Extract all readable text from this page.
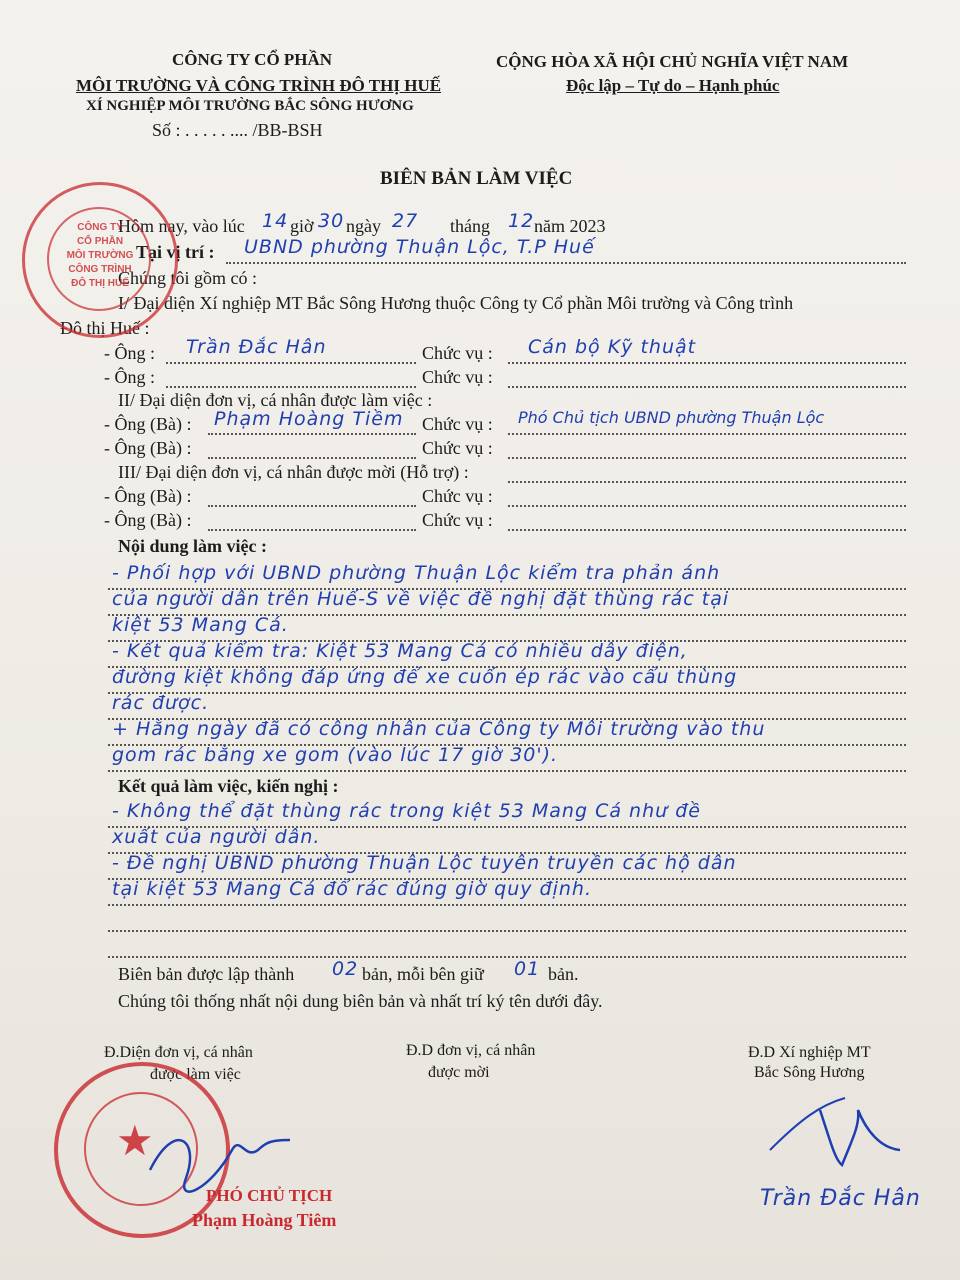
CÔNG TY CỔ PHẦN
MÔI TRƯỜNG VÀ CÔNG TRÌNH ĐÔ THỊ HUẾ
XÍ NGHIỆP MÔI TRƯỜNG BẮC SÔNG HƯƠNG
Số : . . . . . .... /BB-BSH
CỘNG HÒA XÃ HỘI CHỦ NGHĨA VIỆT NAM
Độc lập – Tự do – Hạnh phúc
BIÊN BẢN LÀM VIỆC
Hôm nay, vào lúc 14 giờ 30 ngày 27 tháng 12 năm 2023
Tại vị trí : UBND phường Thuận Lộc, T.P Huế
Chúng tôi gồm có :
I/ Đại diện Xí nghiệp MT Bắc Sông Hương thuộc Công ty Cổ phần Môi trường và Công trình
Đô thị Huế :
- Ông : Trần Đắc Hân	Chức vụ : Cán bộ Kỹ thuật
- Ông :	Chức vụ :
II/ Đại diện đơn vị, cá nhân được làm việc :
- Ông (Bà) : Phạm Hoàng Tiềm Chức vụ : Phó Chủ tịch UBND phường Thuận Lộc
- Ông (Bà) :	Chức vụ :
III/ Đại diện đơn vị, cá nhân được mời (Hỗ trợ) :
- Ông (Bà) :	Chức vụ :
- Ông (Bà) :	Chức vụ :
Nội dung làm việc :
- Phối hợp với UBND phường Thuận Lộc kiểm tra phản ánh
của người dân trên Huế-S về việc đề nghị đặt thùng rác tại
kiệt 53 Mang Cá.
- Kết quả kiểm tra: Kiệt 53 Mang Cá có nhiều dây điện,
đường kiệt không đáp ứng để xe cuốn ép rác vào cẩu thùng
rác được.
+ Hằng ngày đã có công nhân của Công ty Môi trường vào thu
gom rác bằng xe gom (vào lúc 17 giờ 30').
Kết quả làm việc, kiến nghị :
- Không thể đặt thùng rác trong kiệt 53 Mang Cá như đề
xuất của người dân.
- Đề nghị UBND phường Thuận Lộc tuyên truyền các hộ dân
tại kiệt 53 Mang Cá đổ rác đúng giờ quy định.
Biên bản được lập thành 02 bản, mỗi bên giữ 01 bản.
Chúng tôi thống nhất nội dung biên bản và nhất trí ký tên dưới đây.
Đ.Diện đơn vị, cá nhân
được làm việc
Đ.D đơn vị, cá nhân
được mời
Đ.D Xí nghiệp MT
Bắc Sông Hương
CÔNG TY
CỔ PHẦN
MÔI TRƯỜNG
CÔNG TRÌNH
ĐÔ THỊ HUẾ
★
Trần Đắc Hân
PHÓ CHỦ TỊCH
Phạm Hoàng Tiêm
